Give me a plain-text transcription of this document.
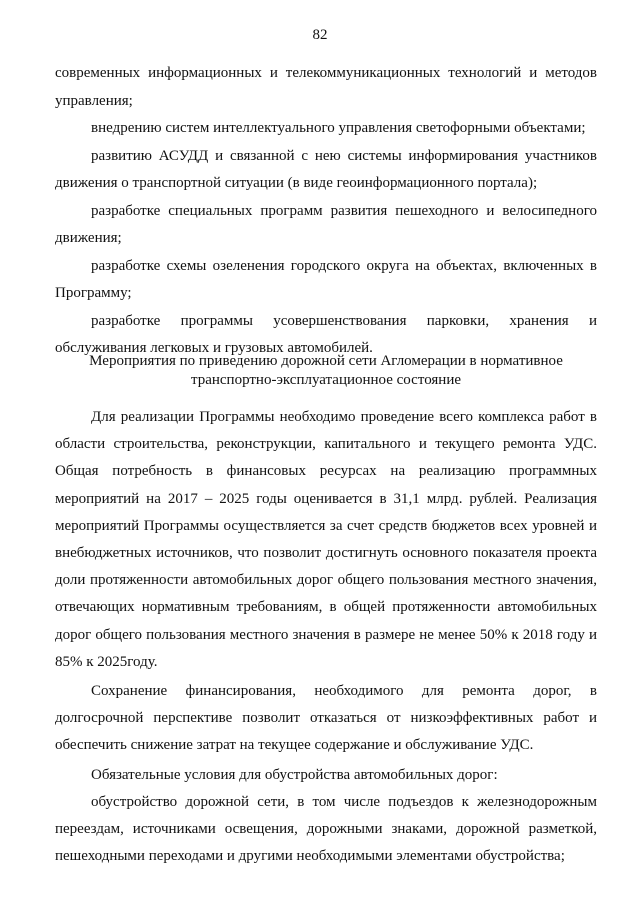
82

современных информационных и телекоммуникационных технологий и методов управления;

внедрению систем интеллектуального управления светофорными объектами;

развитию АСУДД и связанной с нею системы информирования участников движения о транспортной ситуации (в виде геоинформационного портала);

разработке специальных программ развития пешеходного и велосипедного движения;

разработке схемы озеленения городского округа на объектах, включенных в Программу;

разработке программы усовершенствования парковки, хранения и обслуживания легковых и грузовых автомобилей.

Мероприятия по приведению дорожной сети Агломерации в нормативное
транспортно-эксплуатационное состояние

Для реализации Программы необходимо проведение всего комплекса работ в области строительства, реконструкции, капитального и текущего ремонта УДС. Общая потребность в финансовых ресурсах на реализацию программных мероприятий на 2017 – 2025 годы оценивается в 31,1 млрд. рублей. Реализация мероприятий Программы осуществляется за счет средств бюджетов всех уровней и внебюджетных источников, что позволит достигнуть основного показателя проекта доли протяженности автомобильных дорог общего пользования местного значения, отвечающих нормативным требованиям, в общей протяженности автомобильных дорог общего пользования местного значения в размере не менее 50% к 2018 году и 85% к 2025году.

Сохранение финансирования, необходимого для ремонта дорог, в долгосрочной перспективе позволит отказаться от низкоэффективных работ и обеспечить снижение затрат на текущее содержание и обслуживание УДС.

Обязательные условия для обустройства автомобильных дорог:

обустройство дорожной сети, в том числе подъездов к железнодорожным переездам, источниками освещения, дорожными знаками, дорожной разметкой, пешеходными переходами и другими необходимыми элементами обустройства;
